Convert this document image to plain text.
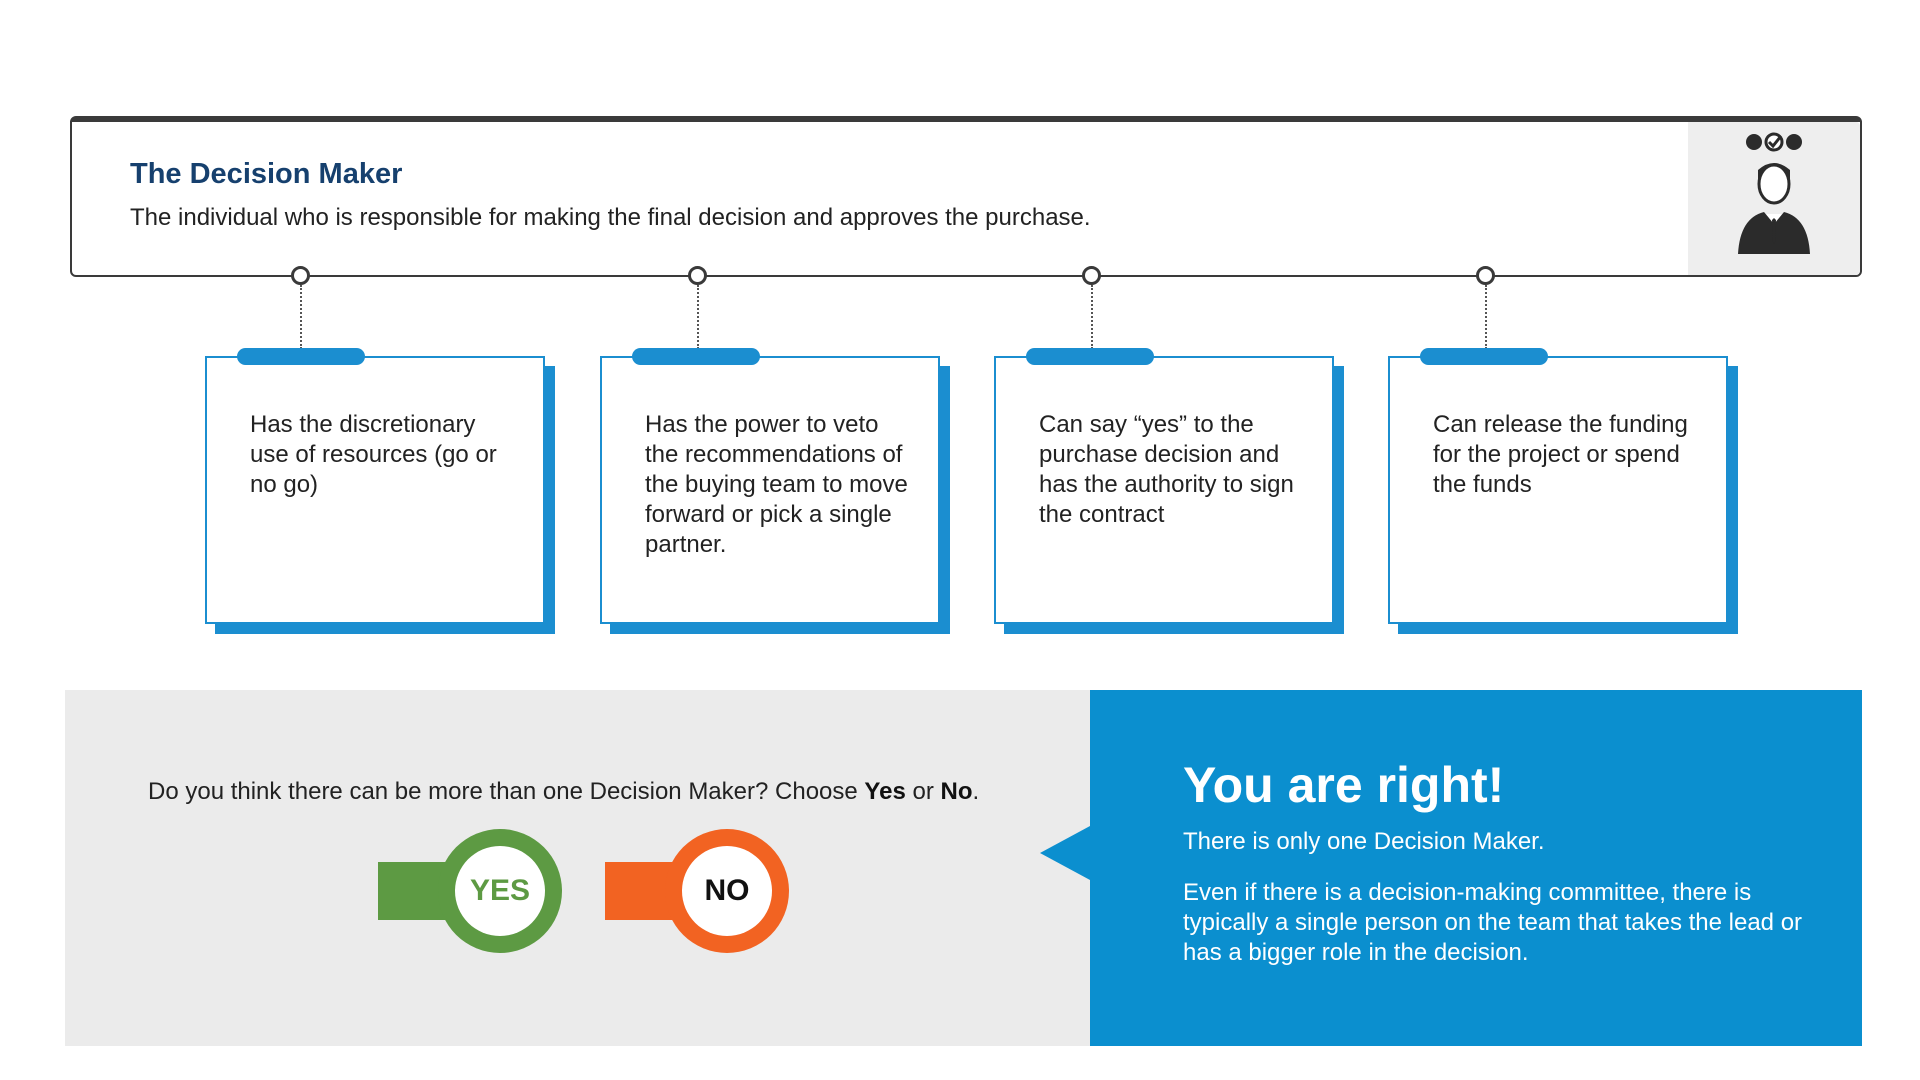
The Decision Maker
The individual who is responsible for making the final decision and approves the purchase.
Has the discretionary use of resources (go or no go)
Has the power to veto the recommendations of the buying team to move forward or pick a single partner.
Can say “yes” to the purchase decision and has the authority to sign the contract
Can release the funding for the project or spend the funds
Do you think there can be more than one Decision Maker? Choose Yes or No.
YES	NO
You are right!
There is only one Decision Maker.
Even if there is a decision-making committee, there is typically a single person on the team that takes the lead or has a bigger role in the decision.
